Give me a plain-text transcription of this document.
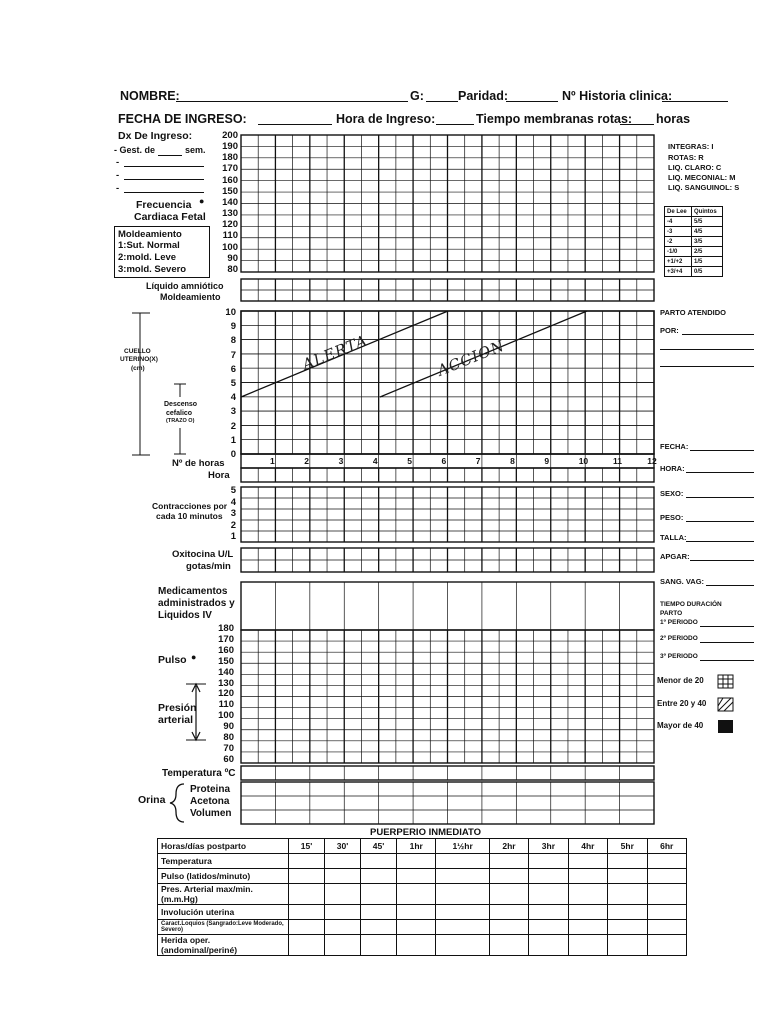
NOMBRE:	G:	Paridad:	Nº Historia clinica:
FECHA DE INGRESO:	Hora de Ingreso:	Tiempo membranas rotas: horas
Dx De Ingreso:
- Gest. de	sem.
-
-
-
Frecuencia ●
Cardiaca Fetal
Moldeamiento
1:Sut. Normal
2:mold. Leve
3:mold. Severo
200
190
180
170
160
150
140
130
120
110
100
90
80
Líquido amniótico
Moldeamiento
CUELLO
UTERINO(X)
(cm)
Descenso
cefalico
(TRAZO O)
10
9
8
7
6
5
4
3
2
1
0
Nº de horas
Hora
1	2	3	4	5	6	7	8	9	10	11	12
Contracciones por
cada 10 minutos
5
4
3
2
1
Oxitocina U/L
gotas/min
Medicamentos
administrados y
Liquidos IV
Pulso ●
Presión
arterial
180
170
160
150
140
130
120
110
100
90
80
70
60
Temperatura ºC
Orina
Proteina
Acetona
Volumen
INTEGRAS: I
ROTAS: R
LIQ. CLARO: C
LIQ. MECONIAL: M
LIQ. SANGUINOL: S
De Lee	Quintos
-4	5/5
-3	4/5
-2	3/5
-1/0	2/5
+1/+2	1/5
+3/+4	0/5
PARTO ATENDIDO
POR:
FECHA:
HORA:
SEXO:
PESO:
TALLA:
APGAR:
SANG. VAG:
TIEMPO DURACIÓN
PARTO
1º PERIODO
2º PERIODO
3º PERIODO
Menor de 20
Entre 20 y 40
Mayor de 40
PUERPERIO INMEDIATO
Horas/días postparto	15'	30'	45'	1hr	1½hr	2hr	3hr	4hr	5hr	6hr
Temperatura										
Pulso (latidos/minuto)										
Pres. Arterial max/min.(m.m.Hg)										
Involución uterina										
Caract.Loquios (Sangrado:Leve Moderado, Severo)										
Herida oper. (andominal/periné)										
ALERTA	ACCION
